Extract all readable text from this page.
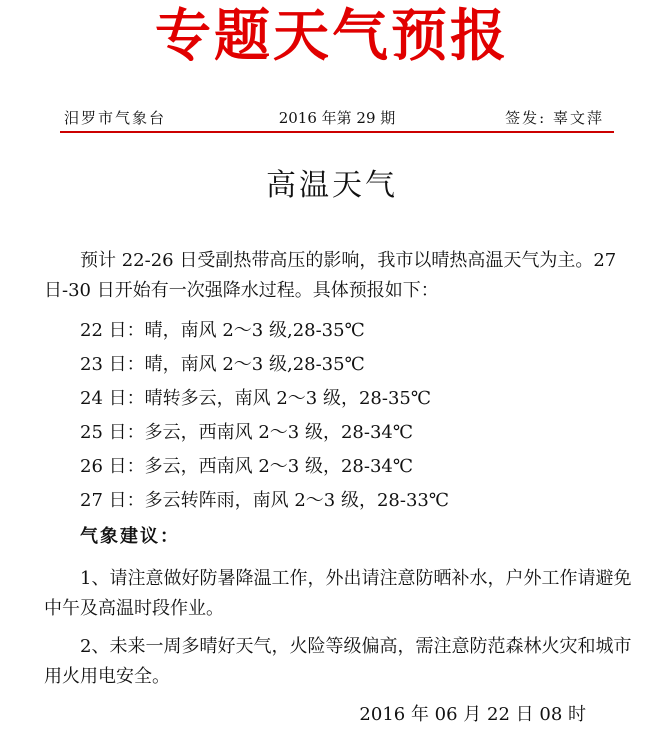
专题天气预报
汨罗市气象台	2016 年第 29 期	签发: 辜文萍
高温天气

预计 22-26 日受副热带高压的影响，我市以晴热高温天气为主。27 日-30 日开始有一次强降水过程。具体预报如下：

22 日：晴，南风 2～3 级,28-35℃
23 日：晴，南风 2～3 级,28-35℃
24 日：晴转多云，南风 2～3 级，28-35℃
25 日：多云，西南风 2～3 级，28-34℃
26 日：多云，西南风 2～3 级，28-34℃
27 日：多云转阵雨，南风 2～3 级，28-33℃
气象建议：

1、请注意做好防暑降温工作，外出请注意防晒补水，户外工作请避免中午及高温时段作业。

2、未来一周多晴好天气，火险等级偏高，需注意防范森林火灾和城市用火用电安全。

2016 年 06 月 22 日 08 时
